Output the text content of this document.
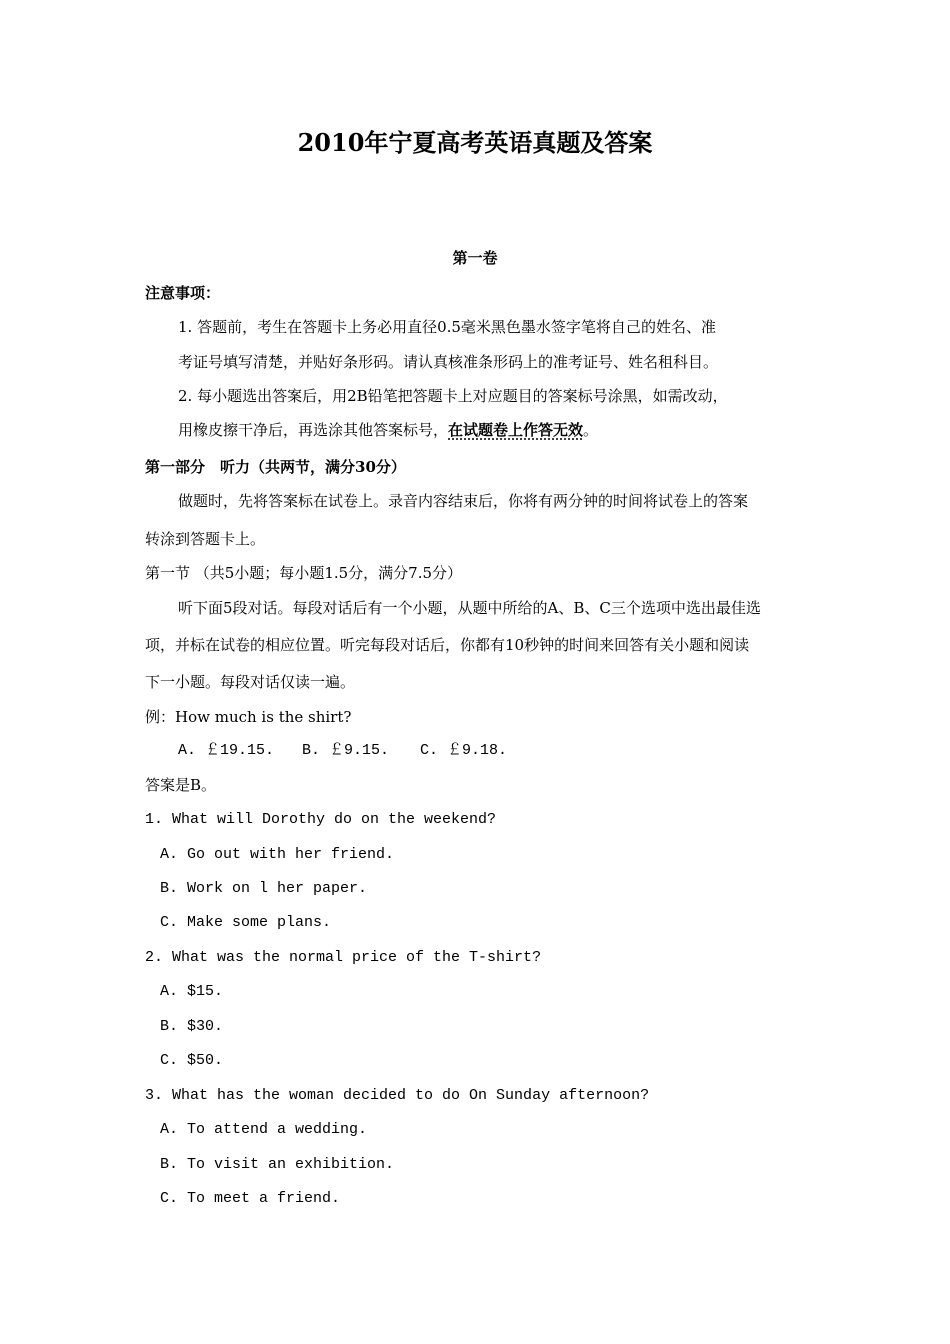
2010年宁夏高考英语真题及答案
第一卷
注意事项：
1. 答题前，考生在答题卡上务必用直径0.5毫米黑色墨水签字笔将自己的姓名、准
考证号填写清楚，并贴好条形码。请认真核准条形码上的准考证号、姓名租科目。
2. 每小题选出答案后，用2B铅笔把答题卡上对应题目的答案标号涂黑，如需改动，
用橡皮擦干净后，再选涂其他答案标号，在试题卷上作答无效。
第一部分　听力（共两节，满分30分）
做题时，先将答案标在试卷上。录音内容结束后，你将有两分钟的时间将试卷上的答案
转涂到答题卡上。
第一节 （共5小题；每小题1.5分，满分7.5分）
听下面5段对话。每段对话后有一个小题，从题中所给的A、B、C三个选项中选出最佳选
项，并标在试卷的相应位置。听完每段对话后，你都有10秒钟的时间来回答有关小题和阅读
下一小题。每段对话仅读一遍。
例：How much is the shirt?
A. ￡19.15. B. ￡9.15. C. ￡9.18.
答案是B。
1. What will Dorothy do on the weekend?
A. Go out with her friend.
B. Work on l her paper.
C. Make some plans.
2. What was the normal price of the T-shirt?
A. $15.
B. $30.
C. $50.
3. What has the woman decided to do On Sunday afternoon?
A. To attend a wedding.
B. To visit an exhibition.
C. To meet a friend.
